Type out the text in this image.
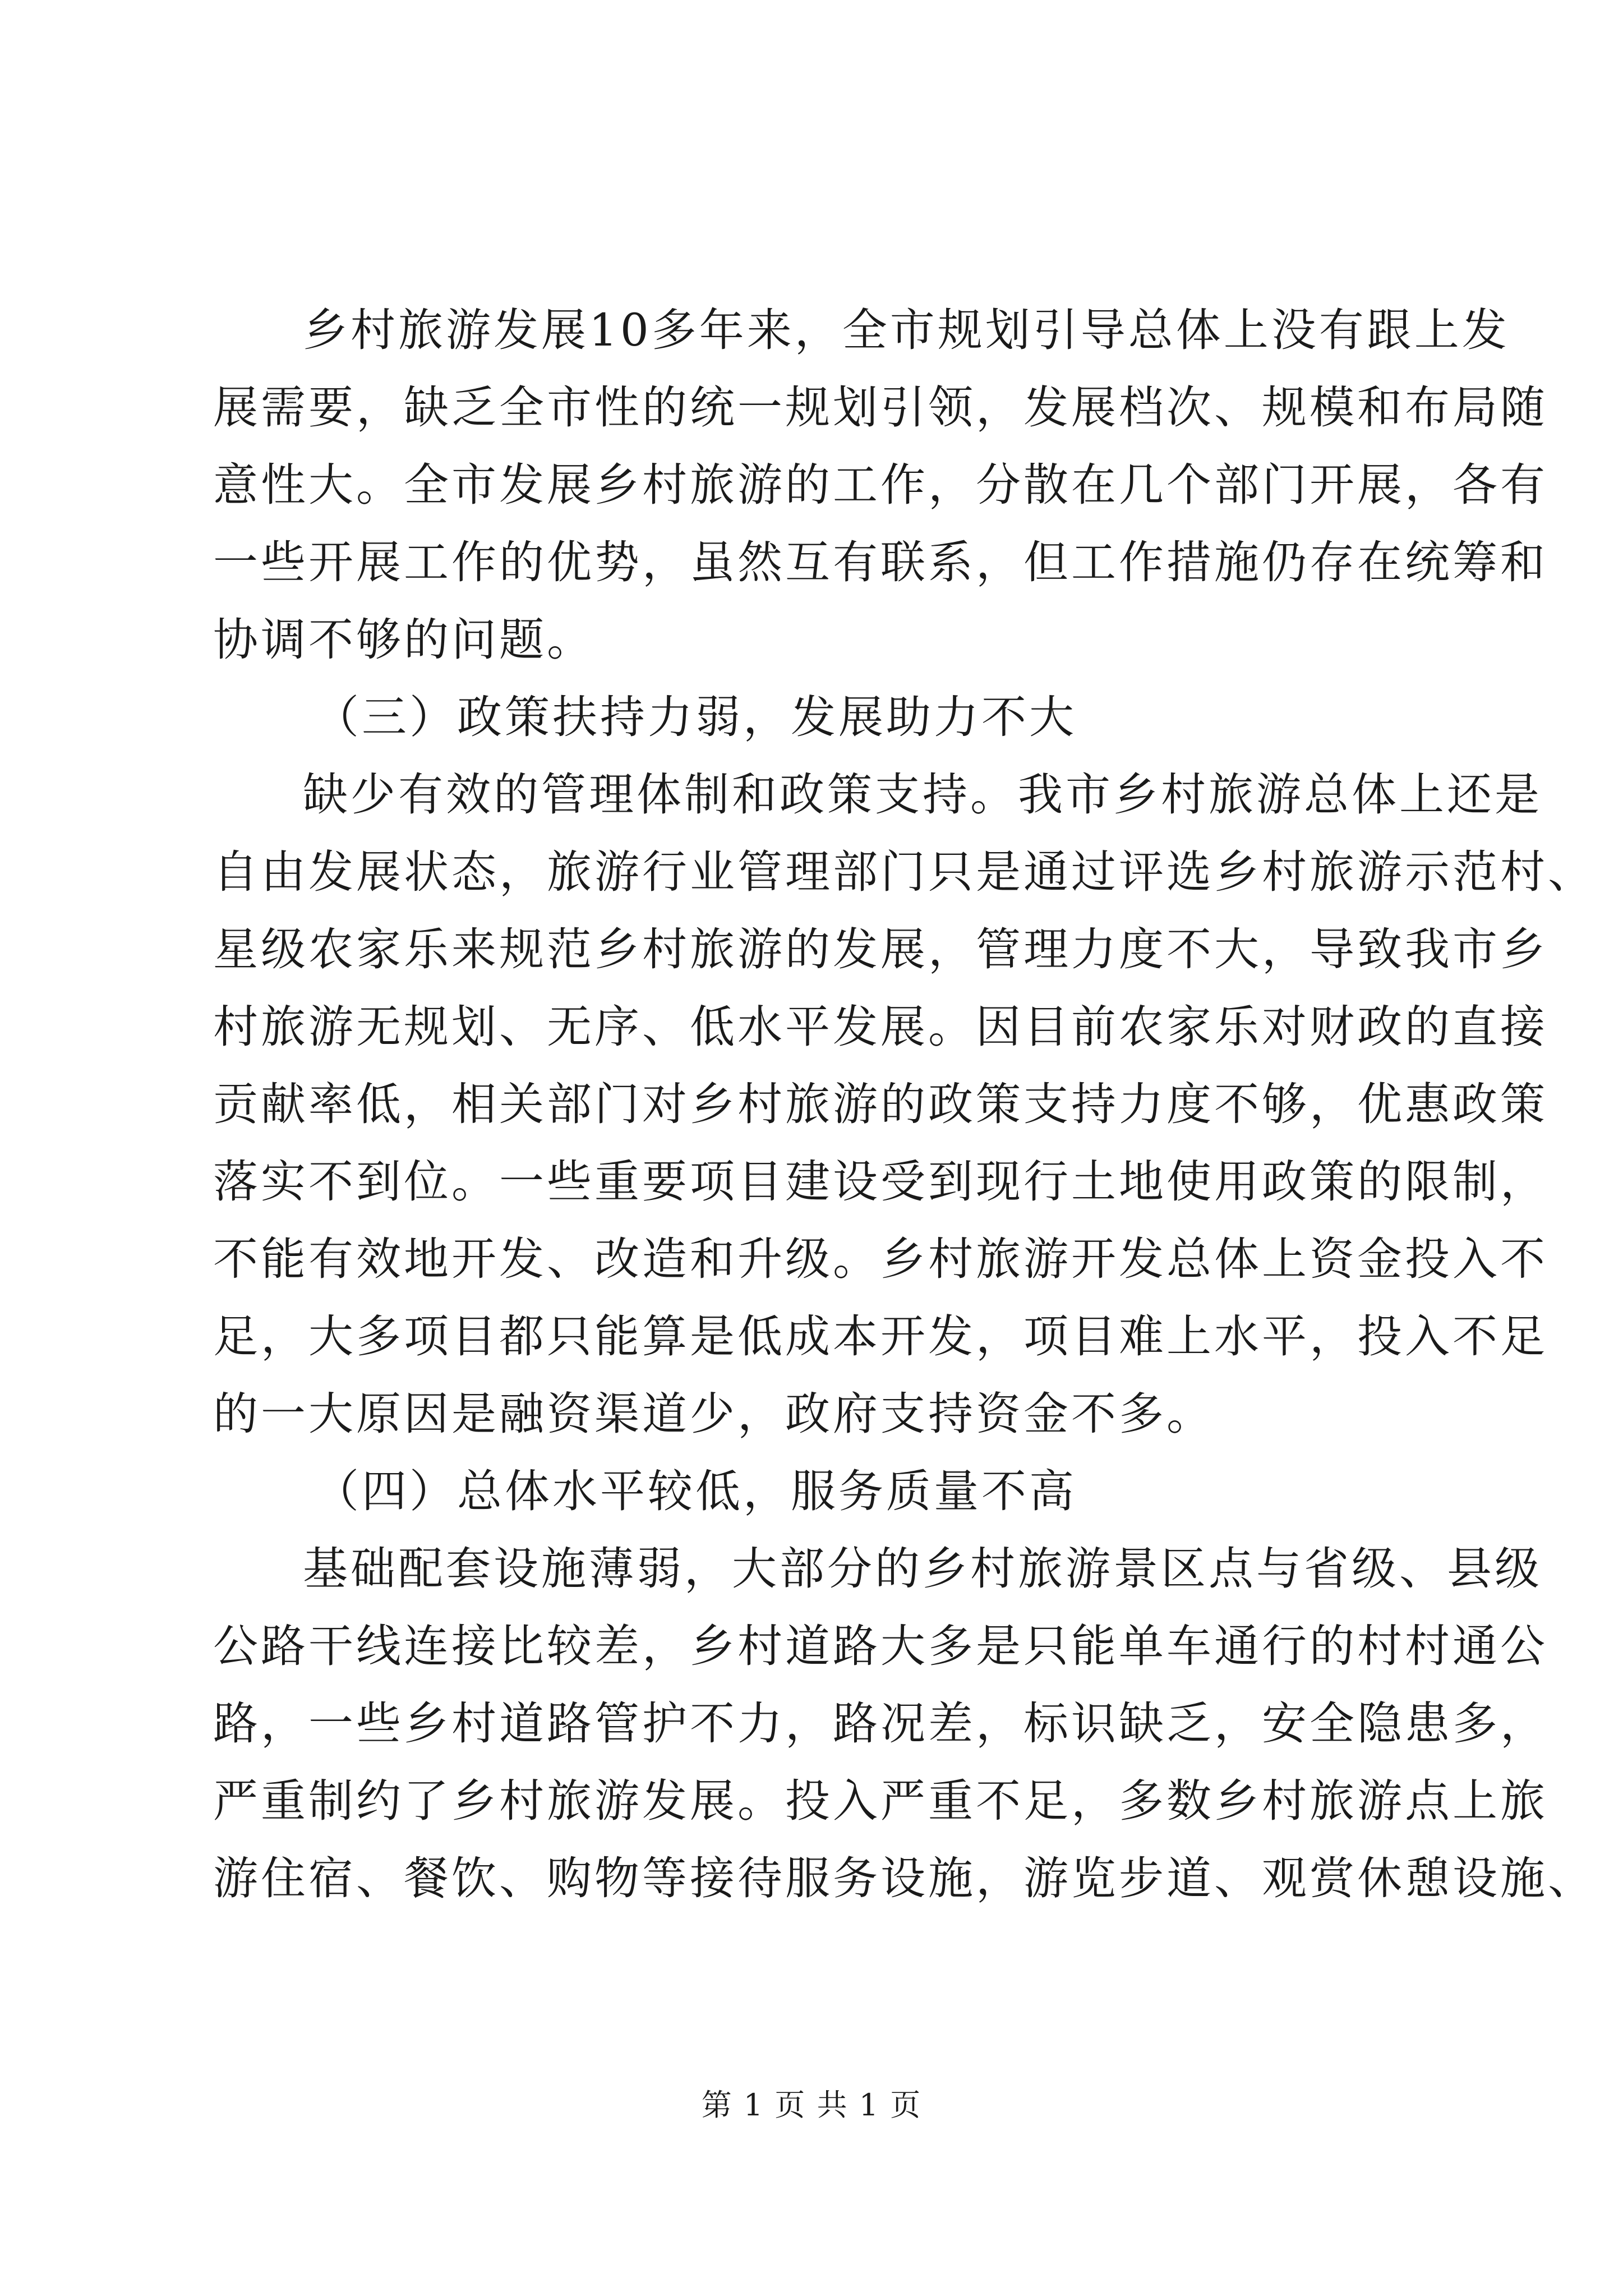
乡村旅游发展10多年来，全市规划引导总体上没有跟上发
展需要，缺乏全市性的统一规划引领，发展档次、规模和布局随
意性大。全市发展乡村旅游的工作，分散在几个部门开展，各有
一些开展工作的优势，虽然互有联系，但工作措施仍存在统筹和
协调不够的问题。
（三）政策扶持力弱，发展助力不大
缺少有效的管理体制和政策支持。我市乡村旅游总体上还是
自由发展状态，旅游行业管理部门只是通过评选乡村旅游示范村、
星级农家乐来规范乡村旅游的发展，管理力度不大，导致我市乡
村旅游无规划、无序、低水平发展。因目前农家乐对财政的直接
贡献率低，相关部门对乡村旅游的政策支持力度不够，优惠政策
落实不到位。一些重要项目建设受到现行土地使用政策的限制，
不能有效地开发、改造和升级。乡村旅游开发总体上资金投入不
足，大多项目都只能算是低成本开发，项目难上水平，投入不足
的一大原因是融资渠道少，政府支持资金不多。
（四）总体水平较低，服务质量不高
基础配套设施薄弱，大部分的乡村旅游景区点与省级、县级
公路干线连接比较差，乡村道路大多是只能单车通行的村村通公
路，一些乡村道路管护不力，路况差，标识缺乏，安全隐患多，
严重制约了乡村旅游发展。投入严重不足，多数乡村旅游点上旅
游住宿、餐饮、购物等接待服务设施，游览步道、观赏休憩设施、
第 1 页 共 1 页
